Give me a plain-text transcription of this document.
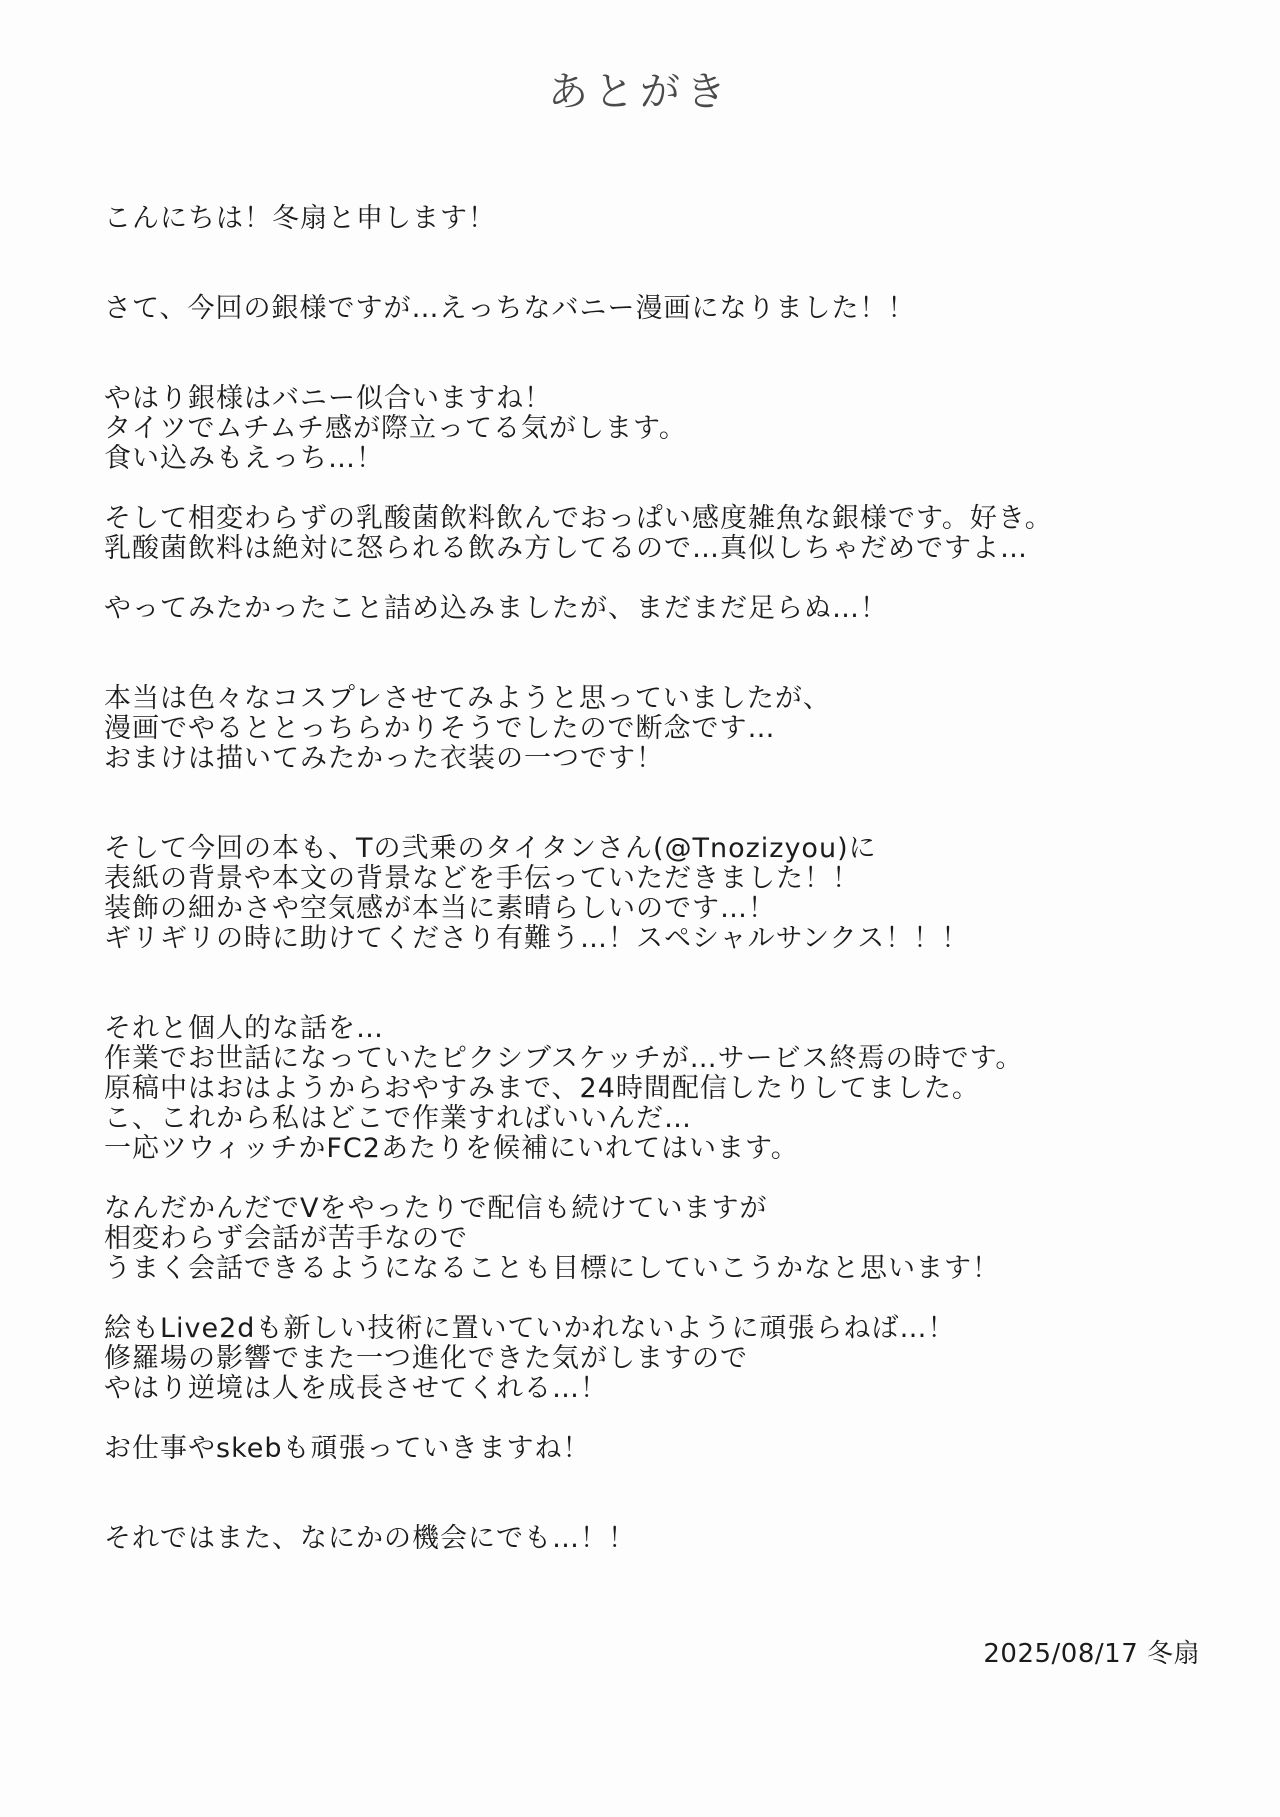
あとがき
こんにちは！冬扇と申します！
さて、今回の銀様ですが…えっちなバニー漫画になりました！！
やはり銀様はバニー似合いますね！
タイツでムチムチ感が際立ってる気がします。
食い込みもえっち…！
そして相変わらずの乳酸菌飲料飲んでおっぱい感度雑魚な銀様です。好き。
乳酸菌飲料は絶対に怒られる飲み方してるので…真似しちゃだめですよ…
やってみたかったこと詰め込みましたが、まだまだ足らぬ…！
本当は色々なコスプレさせてみようと思っていましたが、
漫画でやるととっちらかりそうでしたので断念です…
おまけは描いてみたかった衣装の一つです！
そして今回の本も、Tの弐乗のタイタンさん(@Tnozizyou)に
表紙の背景や本文の背景などを手伝っていただきました！！
装飾の細かさや空気感が本当に素晴らしいのです…！
ギリギリの時に助けてくださり有難う…！スペシャルサンクス！！！
それと個人的な話を…
作業でお世話になっていたピクシブスケッチが…サービス終焉の時です。
原稿中はおはようからおやすみまで、24時間配信したりしてました。
こ、これから私はどこで作業すればいいんだ…
一応ツウィッチかFC2あたりを候補にいれてはいます。
なんだかんだでVをやったりで配信も続けていますが
相変わらず会話が苦手なので
うまく会話できるようになることも目標にしていこうかなと思います！
絵もLive2dも新しい技術に置いていかれないように頑張らねば…！
修羅場の影響でまた一つ進化できた気がしますので
やはり逆境は人を成長させてくれる…！
お仕事やskebも頑張っていきますね！
それではまた、なにかの機会にでも…！！
2025/08/17 冬扇
